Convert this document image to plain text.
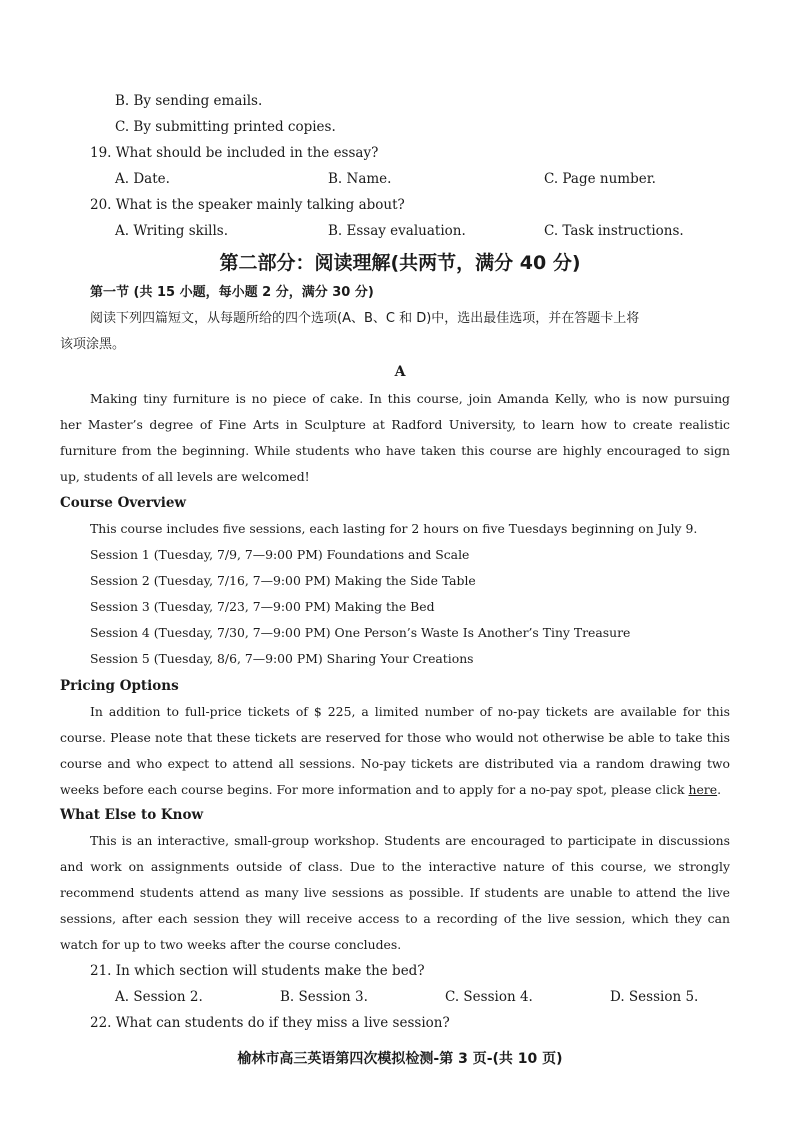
B. By sending emails.
C. By submitting printed copies.
19. What should be included in the essay?
A. Date.	B. Name.	C. Page number.
20. What is the speaker mainly talking about?
A. Writing skills.	B. Essay evaluation.	C. Task instructions.
第二部分：阅读理解(共两节，满分 40 分)
第一节 (共 15 小题，每小题 2 分，满分 30 分)
阅读下列四篇短文，从每题所给的四个选项(A、B、C 和 D)中，选出最佳选项，并在答题卡上将
该项涂黑。
A
Making tiny furniture is no piece of cake. In this course, join Amanda Kelly, who is now pursuing
her Master’s degree of Fine Arts in Sculpture at Radford University, to learn how to create realistic
furniture from the beginning. While students who have taken this course are highly encouraged to sign
up, students of all levels are welcomed!
Course Overview
This course includes five sessions, each lasting for 2 hours on five Tuesdays beginning on July 9.
Session 1 (Tuesday, 7/9, 7—9:00 PM) Foundations and Scale
Session 2 (Tuesday, 7/16, 7—9:00 PM) Making the Side Table
Session 3 (Tuesday, 7/23, 7—9:00 PM) Making the Bed
Session 4 (Tuesday, 7/30, 7—9:00 PM) One Person’s Waste Is Another’s Tiny Treasure
Session 5 (Tuesday, 8/6, 7—9:00 PM) Sharing Your Creations
Pricing Options
In addition to full-price tickets of $ 225, a limited number of no-pay tickets are available for this
course. Please note that these tickets are reserved for those who would not otherwise be able to take this
course and who expect to attend all sessions. No-pay tickets are distributed via a random drawing two
weeks before each course begins. For more information and to apply for a no-pay spot, please click here.
What Else to Know
This is an interactive, small-group workshop. Students are encouraged to participate in discussions
and work on assignments outside of class. Due to the interactive nature of this course, we strongly
recommend students attend as many live sessions as possible. If students are unable to attend the live
sessions, after each session they will receive access to a recording of the live session, which they can
watch for up to two weeks after the course concludes.
21. In which section will students make the bed?
A. Session 2.	B. Session 3.	C. Session 4.	D. Session 5.
22. What can students do if they miss a live session?
榆林市高三英语第四次模拟检测-第 3 页-(共 10 页)
